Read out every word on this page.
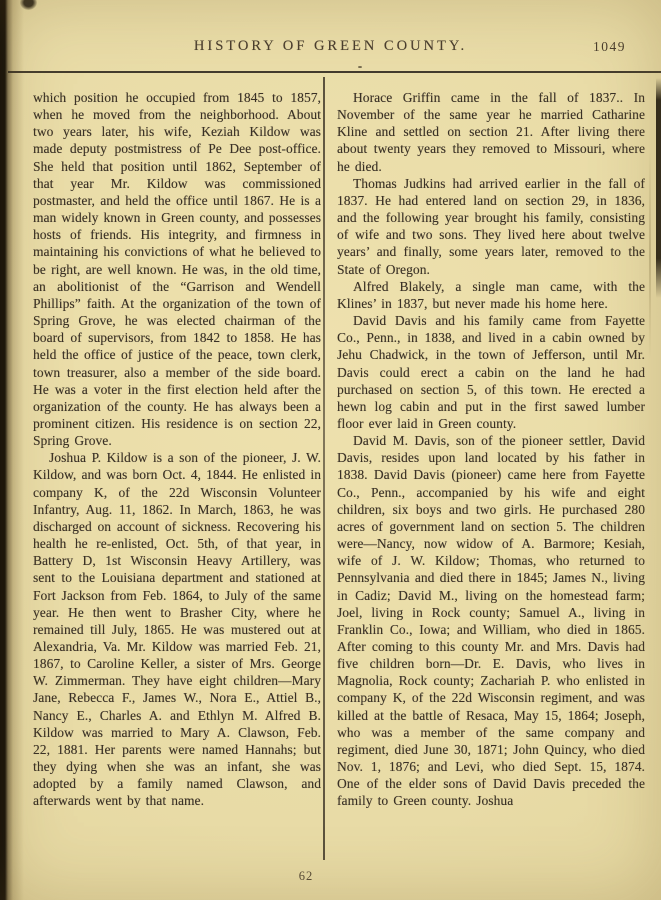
HISTORY OF GREEN COUNTY.	1049

which position he occupied from 1845 to 1857, when he moved from the neighborhood. About two years later, his wife, Keziah Kildow was made deputy postmistress of Pe Dee post-office. She held that position until 1862, September of that year Mr. Kildow was commissioned postmaster, and held the office until 1867. He is a man widely known in Green county, and possesses hosts of friends. His integrity, and firmness in maintaining his convictions of what he believed to be right, are well known. He was, in the old time, an abolitionist of the “Garrison and Wendell Phillips” faith. At the organization of the town of Spring Grove, he was elected chairman of the board of supervisors, from 1842 to 1858. He has held the office of justice of the peace, town clerk, town treasurer, also a member of the side board. He was a voter in the first election held after the organization of the county. He has always been a prominent citizen. His residence is on section 22, Spring Grove.

Joshua P. Kildow is a son of the pioneer, J. W. Kildow, and was born Oct. 4, 1844. He enlisted in company K, of the 22d Wisconsin Volunteer Infantry, Aug. 11, 1862. In March, 1863, he was discharged on account of sickness. Recovering his health he re-enlisted, Oct. 5th, of that year, in Battery D, 1st Wisconsin Heavy Artillery, was sent to the Louisiana department and stationed at Fort Jackson from Feb. 1864, to July of the same year. He then went to Brasher City, where he remained till July, 1865. He was mustered out at Alexandria, Va. Mr. Kildow was married Feb. 21, 1867, to Caroline Keller, a sister of Mrs. George W. Zimmerman. They have eight children—Mary Jane, Rebecca F., James W., Nora E., Attiel B., Nancy E., Charles A. and Ethlyn M. Alfred B. Kildow was married to Mary A. Clawson, Feb. 22, 1881. Her parents were named Hannahs; but they dying when she was an infant, she was adopted by a family named Clawson, and afterwards went by that name.

Horace Griffin came in the fall of 1837.. In November of the same year he married Catharine Kline and settled on section 21. After living there about twenty years they removed to Missouri, where he died.

Thomas Judkins had arrived earlier in the fall of 1837. He had entered land on section 29, in 1836, and the following year brought his family, consisting of wife and two sons. They lived here about twelve years’ and finally, some years later, removed to the State of Oregon.

Alfred Blakely, a single man came, with the Klines’ in 1837, but never made his home here.

David Davis and his family came from Fayette Co., Penn., in 1838, and lived in a cabin owned by Jehu Chadwick, in the town of Jefferson, until Mr. Davis could erect a cabin on the land he had purchased on section 5, of this town. He erected a hewn log cabin and put in the first sawed lumber floor ever laid in Green county.

David M. Davis, son of the pioneer settler, David Davis, resides upon land located by his father in 1838. David Davis (pioneer) came here from Fayette Co., Penn., accompanied by his wife and eight children, six boys and two girls. He purchased 280 acres of government land on section 5. The children were—Nancy, now widow of A. Barmore; Kesiah, wife of J. W. Kildow; Thomas, who returned to Pennsylvania and died there in 1845; James N., living in Cadiz; David M., living on the homestead farm; Joel, living in Rock county; Samuel A., living in Franklin Co., Iowa; and William, who died in 1865. After coming to this county Mr. and Mrs. Davis had five children born—Dr. E. Davis, who lives in Magnolia, Rock county; Zachariah P. who enlisted in company K, of the 22d Wisconsin regiment, and was killed at the battle of Resaca, May 15, 1864; Joseph, who was a member of the same company and regiment, died June 30, 1871; John Quincy, who died Nov. 1, 1876; and Levi, who died Sept. 15, 1874. One of the elder sons of David Davis preceded the family to Green county. Joshua

62
